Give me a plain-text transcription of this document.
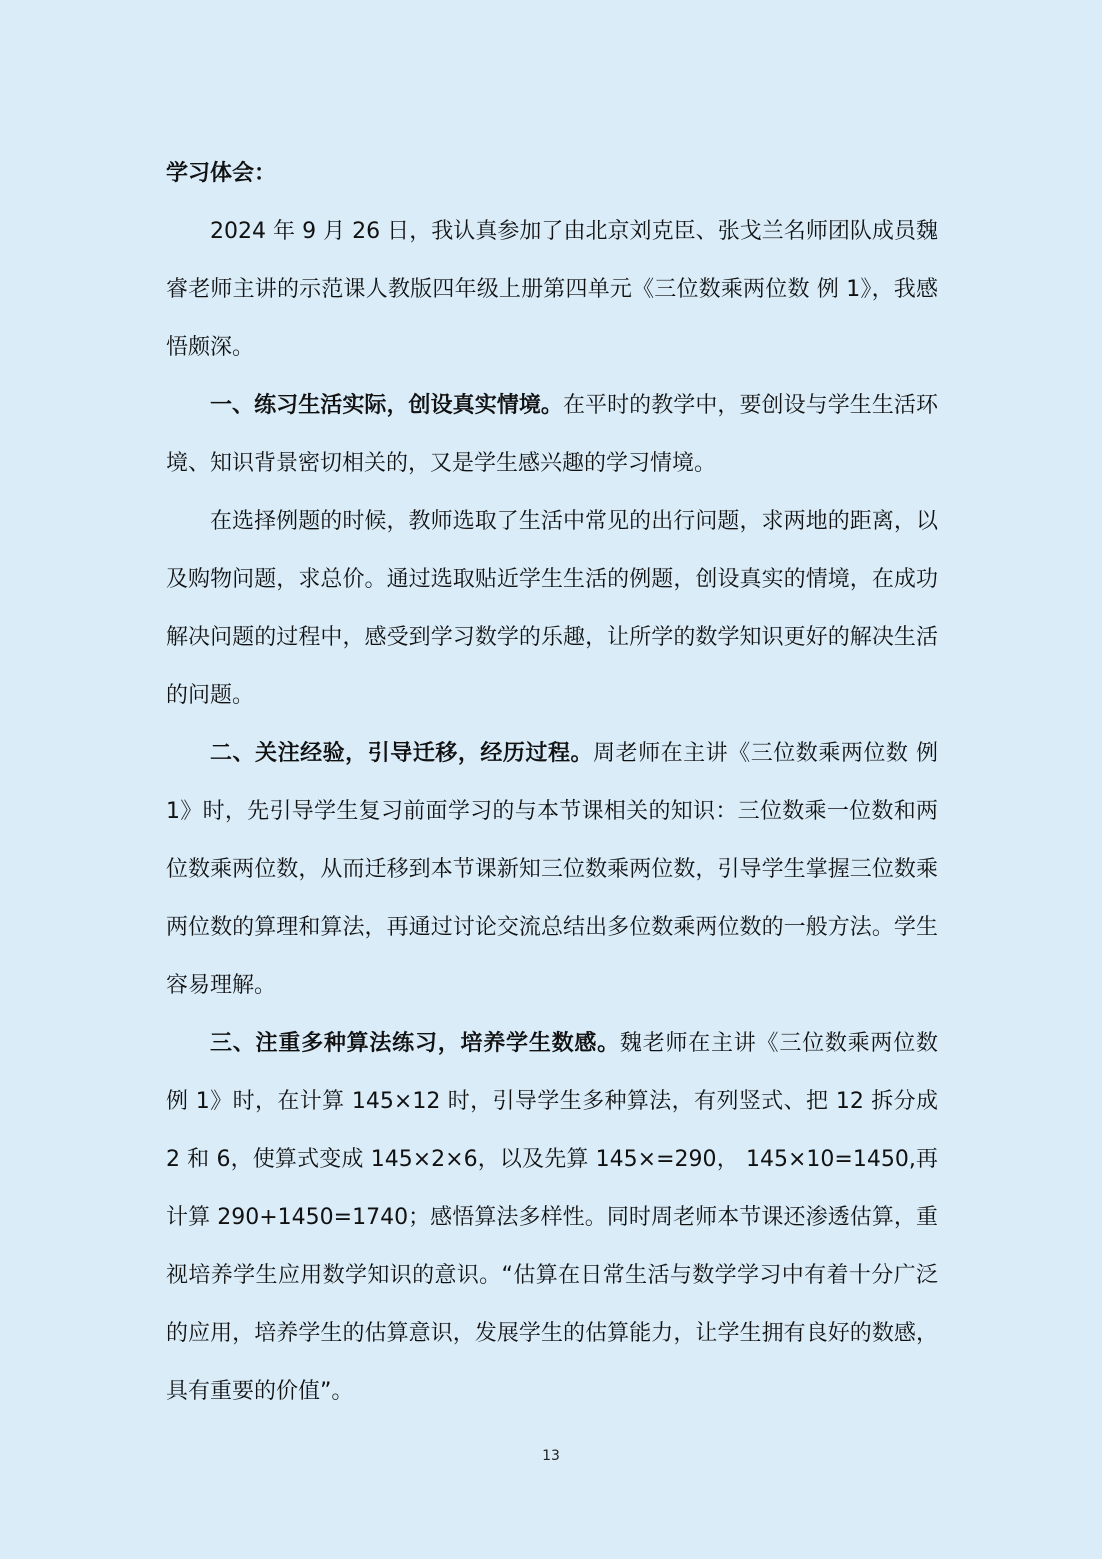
学习体会：

2024 年 9 月 26 日，我认真参加了由北京刘克臣、张戈兰名师团队成员魏睿老师主讲的示范课人教版四年级上册第四单元《三位数乘两位数 例 1》，我感悟颇深。

一、练习生活实际，创设真实情境。在平时的教学中，要创设与学生生活环境、知识背景密切相关的，又是学生感兴趣的学习情境。

在选择例题的时候，教师选取了生活中常见的出行问题，求两地的距离，以及购物问题，求总价。通过选取贴近学生生活的例题，创设真实的情境，在成功解决问题的过程中，感受到学习数学的乐趣，让所学的数学知识更好的解决生活的问题。

二、关注经验，引导迁移，经历过程。周老师在主讲《三位数乘两位数 例 1》时，先引导学生复习前面学习的与本节课相关的知识：三位数乘一位数和两位数乘两位数，从而迁移到本节课新知三位数乘两位数，引导学生掌握三位数乘两位数的算理和算法，再通过讨论交流总结出多位数乘两位数的一般方法。学生容易理解。

三、注重多种算法练习，培养学生数感。魏老师在主讲《三位数乘两位数 例 1》时，在计算 145×12 时，引导学生多种算法，有列竖式、把 12 拆分成 2 和 6，使算式变成 145×2×6，以及先算 145×=290， 145×10=1450,再计算 290+1450=1740；感悟算法多样性。同时周老师本节课还渗透估算，重视培养学生应用数学知识的意识。“估算在日常生活与数学学习中有着十分广泛的应用，培养学生的估算意识，发展学生的估算能力，让学生拥有良好的数感，具有重要的价值”。

13
